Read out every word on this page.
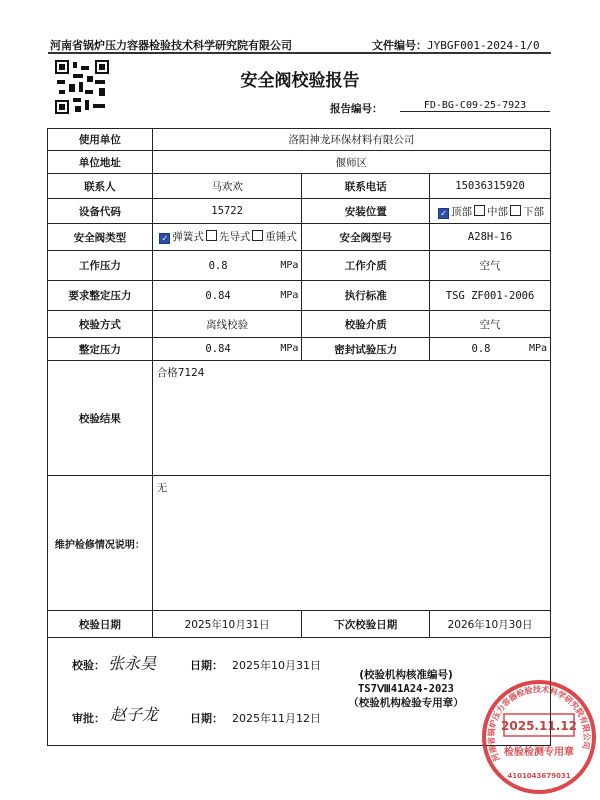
河南省锅炉压力容器检验技术科学研究院有限公司	文件编号：JYBGF001-2024-1/0
安全阀校验报告
报告编号：	FD-BG-C09-25-7923
使用单位	洛阳神龙环保材料有限公司		
单位地址	偃师区		
联系人	马欢欢	联系电话	15036315920
设备代码	15722	安装位置	✓ 顶部 中部 下部
安全阀类型	✓ 弹簧式 先导式 重锤式	安全阀型号	A28H-16
工作压力	0.8 MPa	工作介质	空气
要求整定压力	0.84 MPa	执行标准	TSG ZF001-2006
校验方式	离线校验	校验介质	空气
整定压力	0.84 MPa	密封试验压力	0.8 MPa

校验结果	合格7124		
维护检修情况说明：	无		
校验日期	2025年10月31日	下次校验日期	2026年10月30日

校验： 张永昊	日期： 2025年10月31日
审批： 赵子龙	日期： 2025年11月12日
(校验机构核准编号)
TS7Ⅷ41A24-2023
（校验机构检验专用章）
河南省锅炉压力容器检验技术科学研究院有限公司
2025.11.12
检验检测专用章
4101043679031
